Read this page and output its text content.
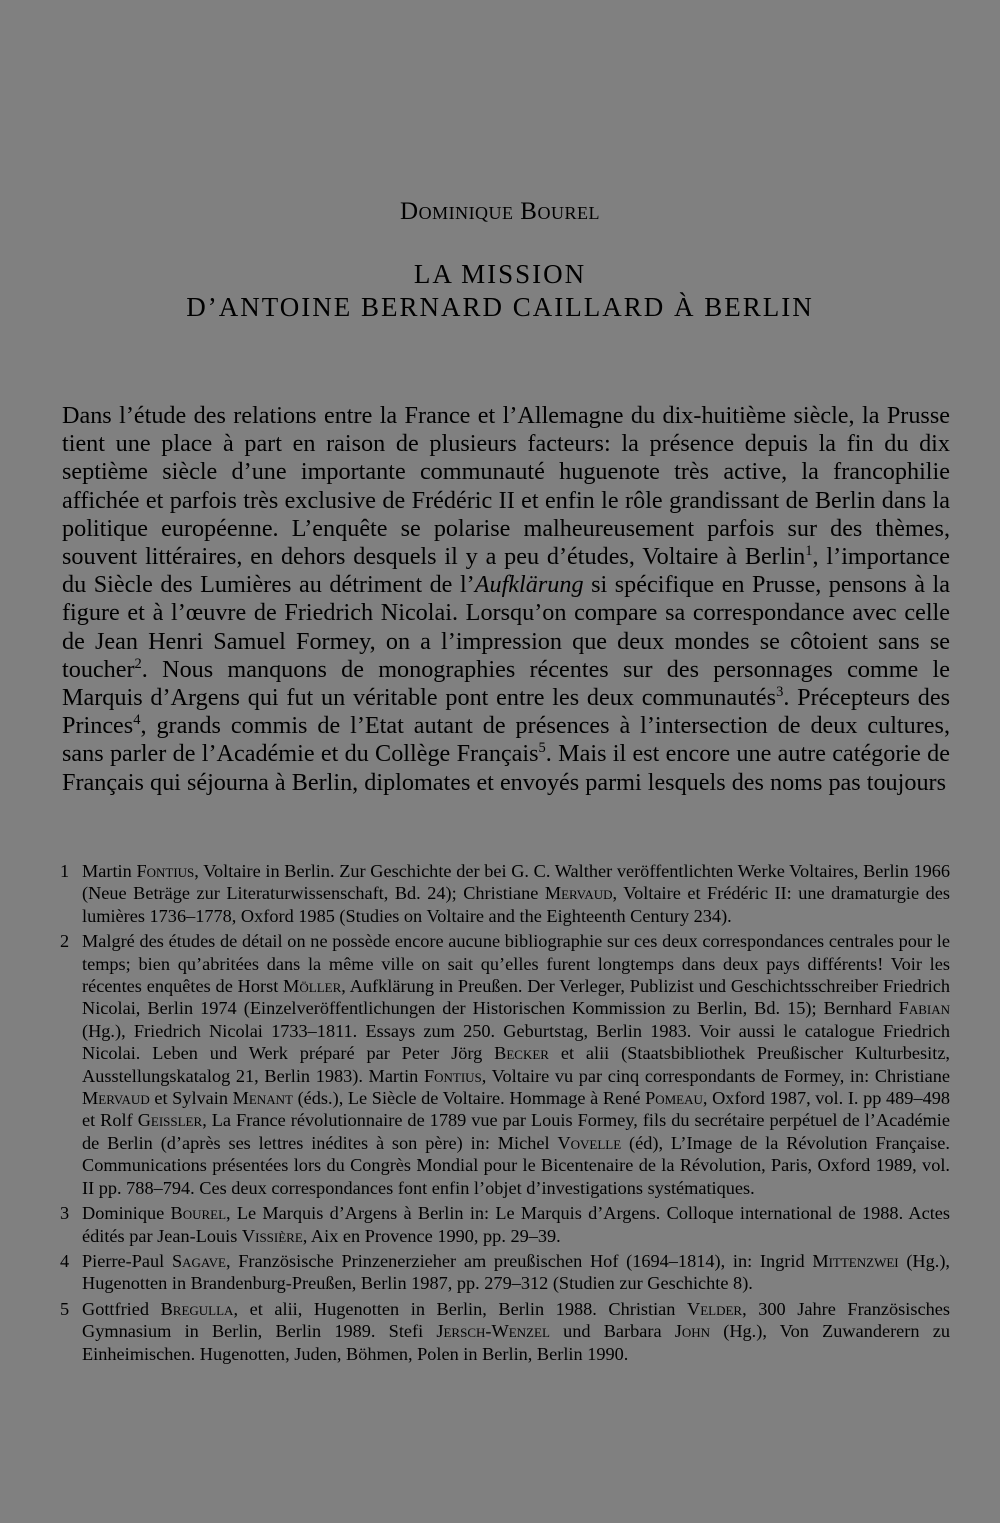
Dominique Bourel
LA MISSION
D’ANTOINE BERNARD CAILLARD À BERLIN
Dans l’étude des relations entre la France et l’Allemagne du dix-huitième siècle, la Prusse tient une place à part en raison de plusieurs facteurs: la présence depuis la fin du dix septième siècle d’une importante communauté huguenote très active, la francophilie affichée et parfois très exclusive de Frédéric II et enfin le rôle grandissant de Berlin dans la politique européenne. L’enquête se polarise malheureusement parfois sur des thèmes, souvent littéraires, en dehors desquels il y a peu d’études, Voltaire à Berlin$^1$, l’importance du Siècle des Lumières au détriment de l’Aufklärung si spécifique en Prusse, pensons à la figure et à l’œuvre de Friedrich Nicolai. Lorsqu’on compare sa correspondance avec celle de Jean Henri Samuel Formey, on a l’impression que deux mondes se côtoient sans se toucher$^2$. Nous manquons de monographies récentes sur des personnages comme le Marquis d’Argens qui fut un véritable pont entre les deux communautés$^3$. Précepteurs des Princes$^4$, grands commis de l’Etat autant de présences à l’intersection de deux cultures, sans parler de l’Académie et du Collège Français$^5$. Mais il est encore une autre catégorie de Français qui séjourna à Berlin, diplomates et envoyés parmi lesquels des noms pas toujours
1 Martin Fontius, Voltaire in Berlin. Zur Geschichte der bei G. C. Walther veröffentlichten Werke Voltaires, Berlin 1966 (Neue Beträge zur Literaturwissenschaft, Bd. 24); Christiane Mervaud, Voltaire et Frédéric II: une dramaturgie des lumières 1736–1778, Oxford 1985 (Studies on Voltaire and the Eighteenth Century 234).
2 Malgré des études de détail on ne possède encore aucune bibliographie sur ces deux correspondances centrales pour le temps; bien qu’abritées dans la même ville on sait qu’elles furent longtemps dans deux pays différents! Voir les récentes enquêtes de Horst Möller, Aufklärung in Preußen. Der Verleger, Publizist und Geschichtsschreiber Friedrich Nicolai, Berlin 1974 (Einzelveröffentlichungen der Historischen Kommission zu Berlin, Bd. 15); Bernhard Fabian (Hg.), Friedrich Nicolai 1733–1811. Essays zum 250. Geburtstag, Berlin 1983. Voir aussi le catalogue Friedrich Nicolai. Leben und Werk préparé par Peter Jörg Becker et alii (Staatsbibliothek Preußischer Kulturbesitz, Ausstellungskatalog 21, Berlin 1983). Martin Fontius, Voltaire vu par cinq correspondants de Formey, in: Christiane Mervaud et Sylvain Menant (éds.), Le Siècle de Voltaire. Hommage à René Pomeau, Oxford 1987, vol. I. pp 489–498 et Rolf Geissler, La France révolutionnaire de 1789 vue par Louis Formey, fils du secrétaire perpétuel de l’Académie de Berlin (d’après ses lettres inédites à son père) in: Michel Vovelle (éd), L’Image de la Révolution Française. Communications présentées lors du Congrès Mondial pour le Bicentenaire de la Révolution, Paris, Oxford 1989, vol. II pp. 788–794. Ces deux correspondances font enfin l’objet d’investigations systématiques.
3 Dominique Bourel, Le Marquis d’Argens à Berlin in: Le Marquis d’Argens. Colloque international de 1988. Actes édités par Jean-Louis Vissière, Aix en Provence 1990, pp. 29–39.
4 Pierre-Paul Sagave, Französische Prinzenerzieher am preußischen Hof (1694–1814), in: Ingrid Mittenzwei (Hg.), Hugenotten in Brandenburg-Preußen, Berlin 1987, pp. 279–312 (Studien zur Geschichte 8).
5 Gottfried Bregulla, et alii, Hugenotten in Berlin, Berlin 1988. Christian Velder, 300 Jahre Französisches Gymnasium in Berlin, Berlin 1989. Stefi Jersch-Wenzel und Barbara John (Hg.), Von Zuwanderern zu Einheimischen. Hugenotten, Juden, Böhmen, Polen in Berlin, Berlin 1990.
